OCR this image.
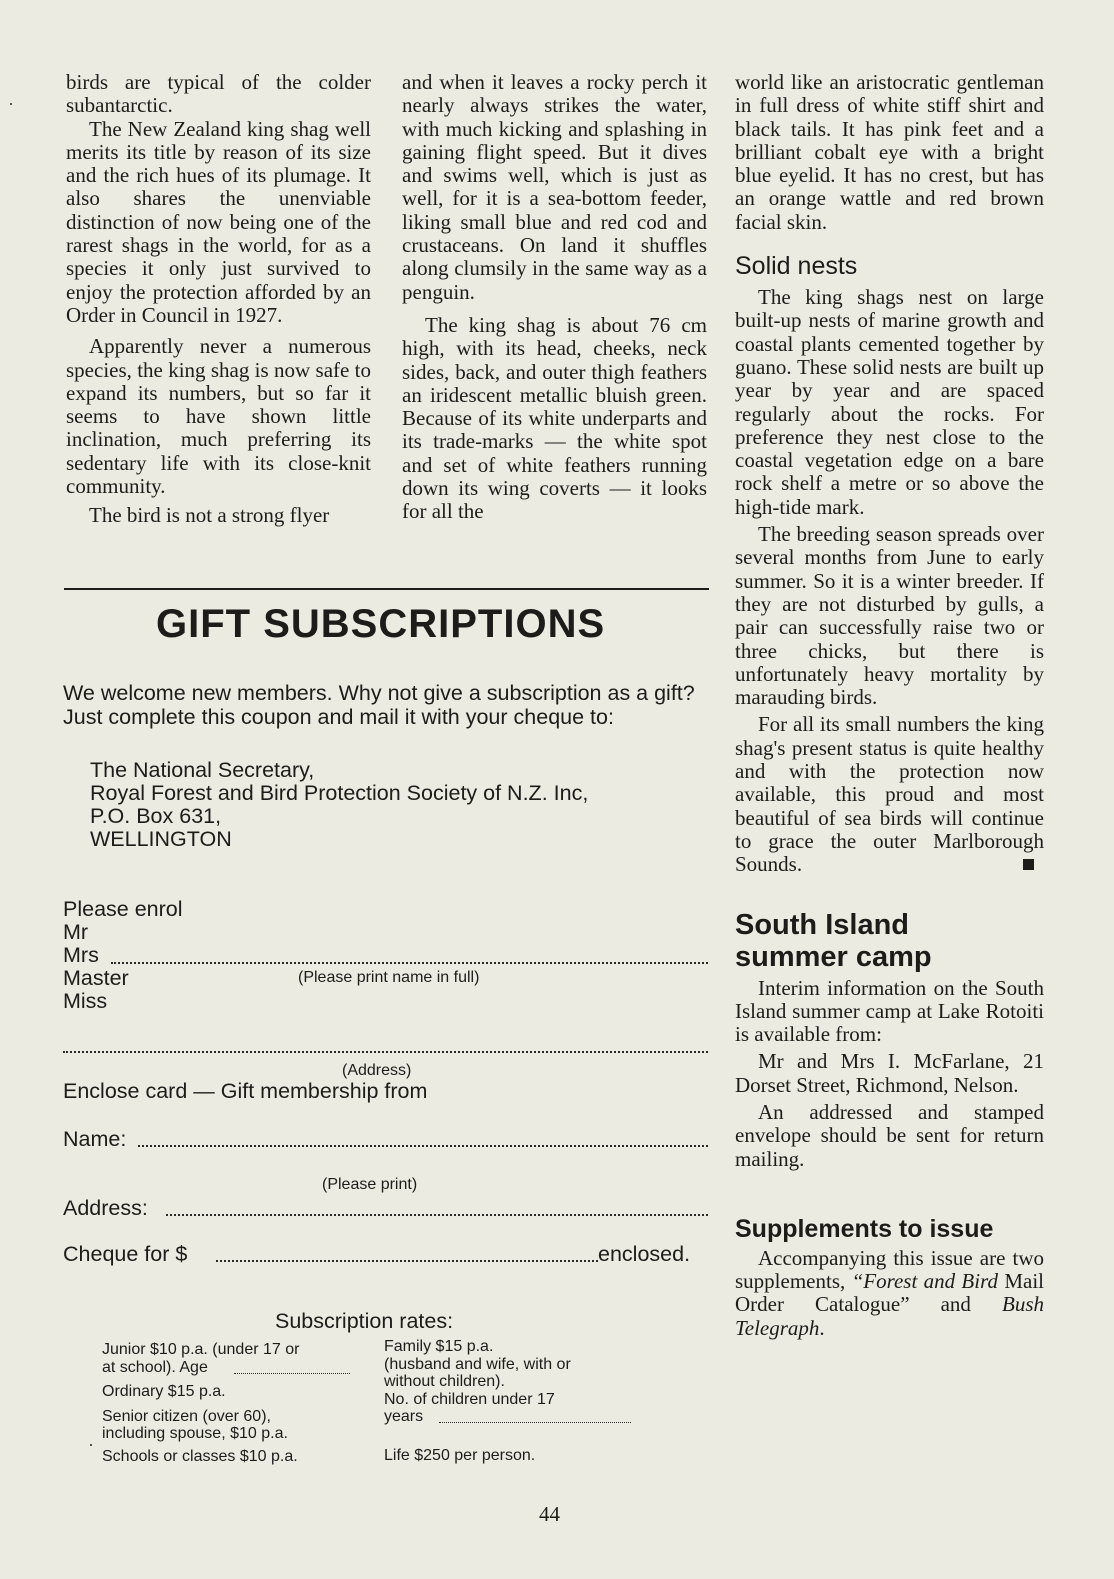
birds are typical of the colder subantarctic.

The New Zealand king shag well merits its title by reason of its size and the rich hues of its plumage. It also shares the unenviable distinction of now being one of the rarest shags in the world, for as a species it only just survived to enjoy the protection afforded by an Order in Council in 1927.

Apparently never a numerous species, the king shag is now safe to expand its numbers, but so far it seems to have shown little inclination, much preferring its sedentary life with its close-knit community.

The bird is not a strong flyer

and when it leaves a rocky perch it nearly always strikes the water, with much kicking and splashing in gaining flight speed. But it dives and swims well, which is just as well, for it is a sea-bottom feeder, liking small blue and red cod and crustaceans. On land it shuffles along clumsily in the same way as a penguin.

The king shag is about 76 cm high, with its head, cheeks, neck sides, back, and outer thigh feathers an iridescent metallic bluish green. Because of its white underparts and its trade-marks — the white spot and set of white feathers running down its wing coverts — it looks for all the

world like an aristocratic gentleman in full dress of white stiff shirt and black tails. It has pink feet and a brilliant cobalt eye with a bright blue eyelid. It has no crest, but has an orange wattle and red brown facial skin.

Solid nests

The king shags nest on large built-up nests of marine growth and coastal plants cemented together by guano. These solid nests are built up year by year and are spaced regularly about the rocks. For preference they nest close to the coastal vegetation edge on a bare rock shelf a metre or so above the high-tide mark.

The breeding season spreads over several months from June to early summer. So it is a winter breeder. If they are not disturbed by gulls, a pair can successfully raise two or three chicks, but there is unfortunately heavy mortality by marauding birds.

For all its small numbers the king shag's present status is quite healthy and with the protection now available, this proud and most beautiful of sea birds will continue to grace the outer Marlborough Sounds.

South Island
summer camp

Interim information on the South Island summer camp at Lake Rotoiti is available from:

Mr and Mrs I. McFarlane, 21 Dorset Street, Richmond, Nelson.

An addressed and stamped envelope should be sent for return mailing.

Supplements to issue

Accompanying this issue are two supplements, “Forest and Bird Mail Order Catalogue” and Bush Telegraph.

GIFT SUBSCRIPTIONS
We welcome new members. Why not give a subscription as a gift? Just complete this coupon and mail it with your cheque to:
The National Secretary,
Royal Forest and Bird Protection Society of N.Z. Inc,
P.O. Box 631,
WELLINGTON
Please enrol
Mr
Mrs
Master
Miss
(Please print name in full)
(Address)
Enclose card — Gift membership from
Name:
(Please print)
Address:
Cheque for $	enclosed.
Subscription rates:
Junior $10 p.a. (under 17 or
at school). Age
Ordinary $15 p.a.
Senior citizen (over 60),
including spouse, $10 p.a.
Schools or classes $10 p.a.
Family $15 p.a.
(husband and wife, with or
without children).
No. of children under 17
years
Life $250 per person.
44
